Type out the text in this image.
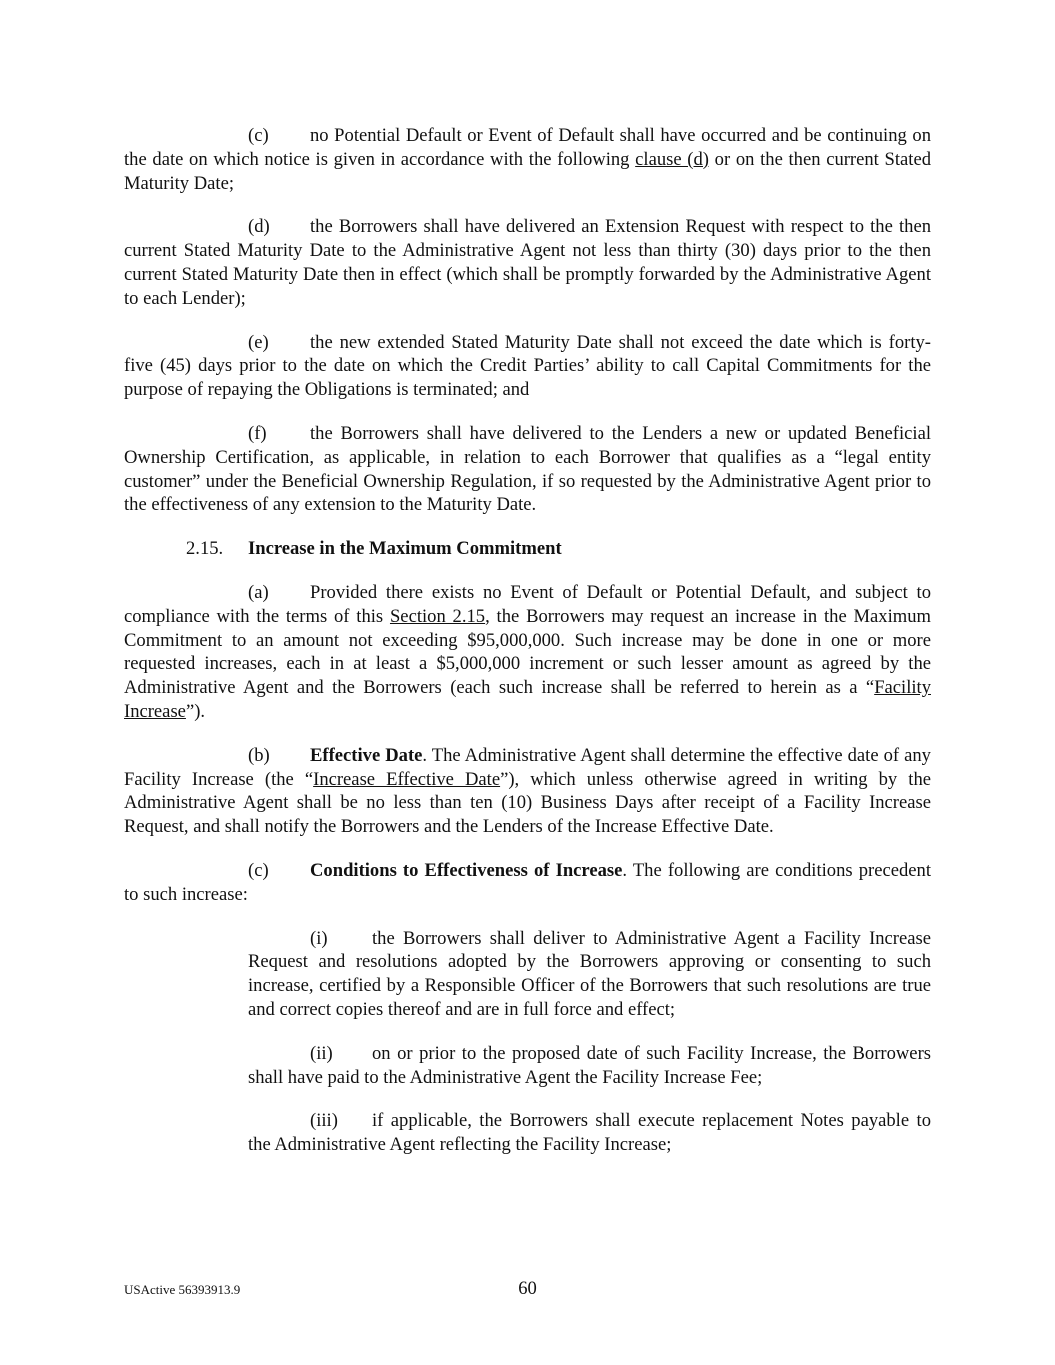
(c) no Potential Default or Event of Default shall have occurred and be continuing on the date on which notice is given in accordance with the following clause (d) or on the then current Stated Maturity Date;

(d) the Borrowers shall have delivered an Extension Request with respect to the then current Stated Maturity Date to the Administrative Agent not less than thirty (30) days prior to the then current Stated Maturity Date then in effect (which shall be promptly forwarded by the Administrative Agent to each Lender);

(e) the new extended Stated Maturity Date shall not exceed the date which is forty-five (45) days prior to the date on which the Credit Parties’ ability to call Capital Commitments for the purpose of repaying the Obligations is terminated; and

(f) the Borrowers shall have delivered to the Lenders a new or updated Beneficial Ownership Certification, as applicable, in relation to each Borrower that qualifies as a “legal entity customer” under the Beneficial Ownership Regulation, if so requested by the Administrative Agent prior to the effectiveness of any extension to the Maturity Date.

2.15. Increase in the Maximum Commitment

(a) Provided there exists no Event of Default or Potential Default, and subject to compliance with the terms of this Section 2.15, the Borrowers may request an increase in the Maximum Commitment to an amount not exceeding $95,000,000. Such increase may be done in one or more requested increases, each in at least a $5,000,000 increment or such lesser amount as agreed by the Administrative Agent and the Borrowers (each such increase shall be referred to herein as a “Facility Increase”).

(b) Effective Date. The Administrative Agent shall determine the effective date of any Facility Increase (the “Increase Effective Date”), which unless otherwise agreed in writing by the Administrative Agent shall be no less than ten (10) Business Days after receipt of a Facility Increase Request, and shall notify the Borrowers and the Lenders of the Increase Effective Date.

(c) Conditions to Effectiveness of Increase. The following are conditions precedent to such increase:

(i) the Borrowers shall deliver to Administrative Agent a Facility Increase Request and resolutions adopted by the Borrowers approving or consenting to such increase, certified by a Responsible Officer of the Borrowers that such resolutions are true and correct copies thereof and are in full force and effect;

(ii) on or prior to the proposed date of such Facility Increase, the Borrowers shall have paid to the Administrative Agent the Facility Increase Fee;

(iii) if applicable, the Borrowers shall execute replacement Notes payable to the Administrative Agent reflecting the Facility Increase;

USActive 56393913.9	60
